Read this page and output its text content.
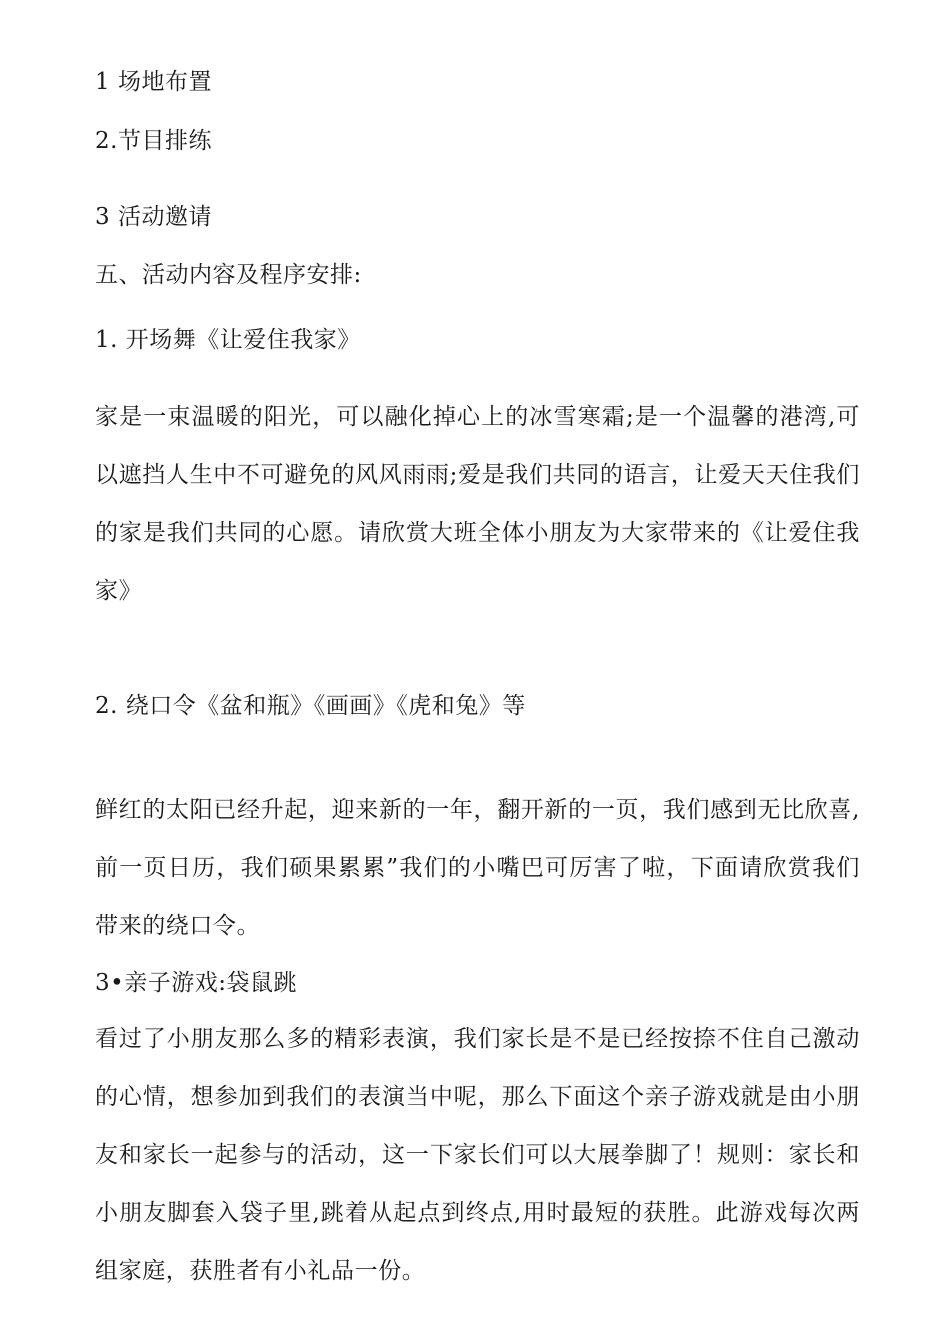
1 场地布置
2.节目排练
3 活动邀请
五、活动内容及程序安排:
1. 开场舞《让爱住我家》
家是一束温暖的阳光，可以融化掉心上的冰雪寒霜;是一个温馨的港湾,可以遮挡人生中不可避免的风风雨雨;爱是我们共同的语言，让爱天天住我们的家是我们共同的心愿。请欣赏大班全体小朋友为大家带来的《让爱住我家》
2. 绕口令《盆和瓶》《画画》《虎和兔》等
鲜红的太阳已经升起，迎来新的一年，翻开新的一页，我们感到无比欣喜,前一页日历，我们硕果累累”我们的小嘴巴可厉害了啦，下面请欣赏我们带来的绕口令。
3•亲子游戏:袋鼠跳
看过了小朋友那么多的精彩表演，我们家长是不是已经按捺不住自己激动的心情，想参加到我们的表演当中呢，那么下面这个亲子游戏就是由小朋友和家长一起参与的活动，这一下家长们可以大展拳脚了！规则：家长和小朋友脚套入袋子里,跳着从起点到终点,用时最短的获胜。此游戏每次两组家庭，获胜者有小礼品一份。
